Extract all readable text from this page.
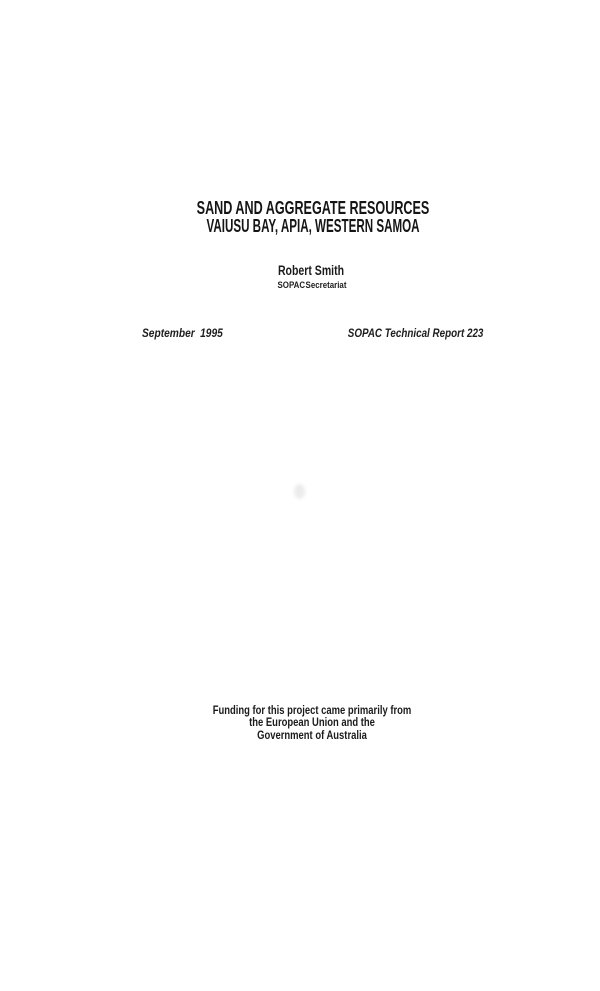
SAND AND AGGREGATE RESOURCES
VAIUSU BAY, APIA, WESTERN SAMOA
Robert Smith
SOPAC Secretariat
September 1995	SOPAC Technical Report 223
Funding for this project came primarily from
the European Union and the
Government of Australia
